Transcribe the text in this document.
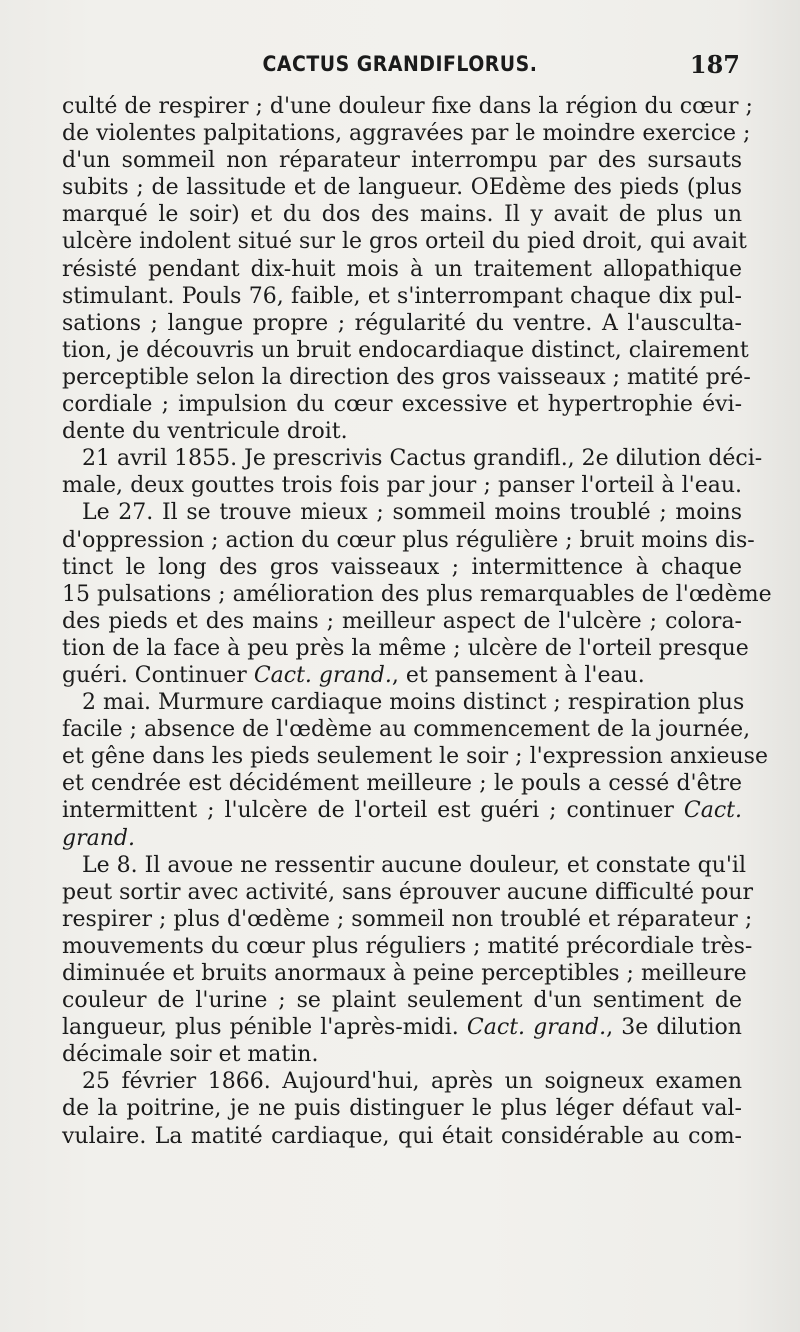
CACTUS GRANDIFLORUS.	187
culté de respirer ; d'une douleur fixe dans la région du cœur ;
de violentes palpitations, aggravées par le moindre exercice ;
d'un sommeil non réparateur interrompu par des sursauts
subits ; de lassitude et de langueur. OEdème des pieds (plus
marqué le soir) et du dos des mains. Il y avait de plus un
ulcère indolent situé sur le gros orteil du pied droit, qui avait
résisté pendant dix-huit mois à un traitement allopathique
stimulant. Pouls 76, faible, et s'interrompant chaque dix pul-
sations ; langue propre ; régularité du ventre. A l'ausculta-
tion, je découvris un bruit endocardiaque distinct, clairement
perceptible selon la direction des gros vaisseaux ; matité pré-
cordiale ; impulsion du cœur excessive et hypertrophie évi-
dente du ventricule droit.
21 avril 1855. Je prescrivis Cactus grandifl., 2e dilution déci-
male, deux gouttes trois fois par jour ; panser l'orteil à l'eau.
Le 27. Il se trouve mieux ; sommeil moins troublé ; moins
d'oppression ; action du cœur plus régulière ; bruit moins dis-
tinct le long des gros vaisseaux ; intermittence à chaque
15 pulsations ; amélioration des plus remarquables de l'œdème
des pieds et des mains ; meilleur aspect de l'ulcère ; colora-
tion de la face à peu près la même ; ulcère de l'orteil presque
guéri. Continuer Cact. grand., et pansement à l'eau.
2 mai. Murmure cardiaque moins distinct ; respiration plus
facile ; absence de l'œdème au commencement de la journée,
et gêne dans les pieds seulement le soir ; l'expression anxieuse
et cendrée est décidément meilleure ; le pouls a cessé d'être
intermittent ; l'ulcère de l'orteil est guéri ; continuer Cact.
grand.
Le 8. Il avoue ne ressentir aucune douleur, et constate qu'il
peut sortir avec activité, sans éprouver aucune difficulté pour
respirer ; plus d'œdème ; sommeil non troublé et réparateur ;
mouvements du cœur plus réguliers ; matité précordiale très-
diminuée et bruits anormaux à peine perceptibles ; meilleure
couleur de l'urine ; se plaint seulement d'un sentiment de
langueur, plus pénible l'après-midi. Cact. grand., 3e dilution
décimale soir et matin.
25 février 1866. Aujourd'hui, après un soigneux examen
de la poitrine, je ne puis distinguer le plus léger défaut val-
vulaire. La matité cardiaque, qui était considérable au com-
